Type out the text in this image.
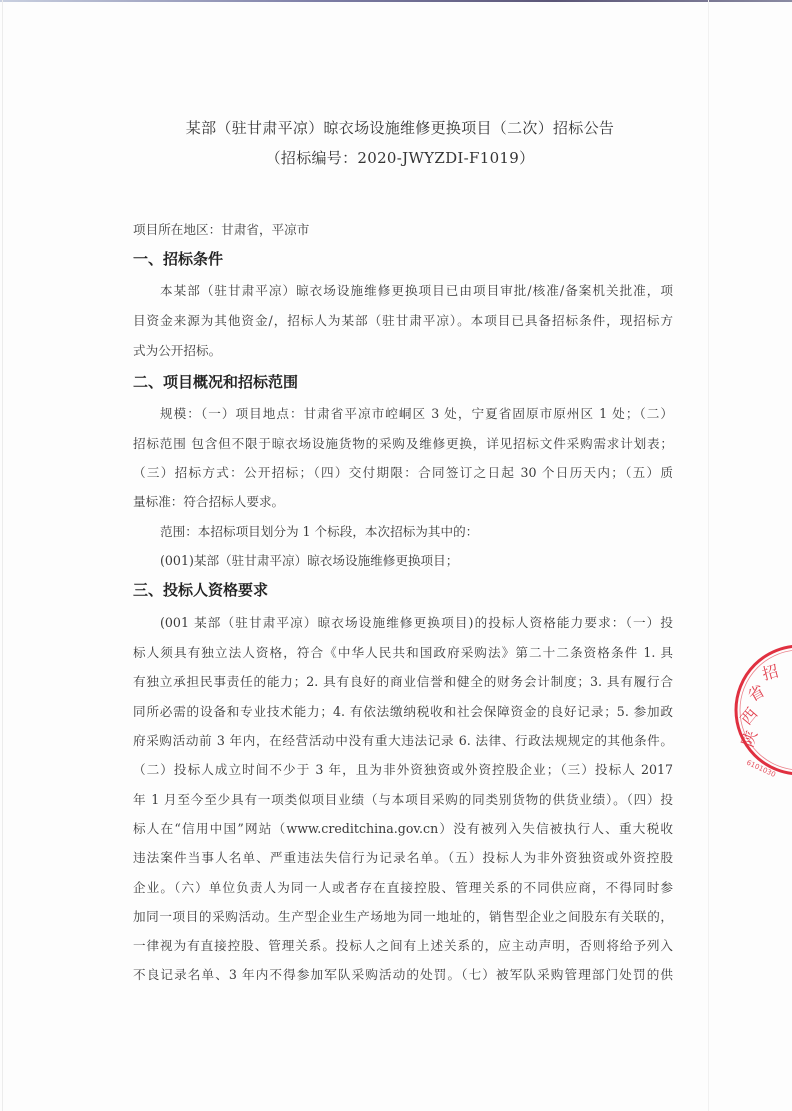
某部（驻甘肃平凉）晾衣场设施维修更换项目（二次）招标公告
（招标编号：2020-JWYZDI-F1019）
项目所在地区：甘肃省，平凉市
一、招标条件
本某部（驻甘肃平凉）晾衣场设施维修更换项目已由项目审批/核准/备案机关批准，项
目资金来源为其他资金/，招标人为某部（驻甘肃平凉）。本项目已具备招标条件，现招标方
式为公开招标。
二、项目概况和招标范围
规模：（一）项目地点：甘肃省平凉市崆峒区 3 处，宁夏省固原市原州区 1 处；（二）
招标范围 包含但不限于晾衣场设施货物的采购及维修更换，详见招标文件采购需求计划表；
（三）招标方式：公开招标；（四）交付期限：合同签订之日起 30 个日历天内；（五）质
量标准：符合招标人要求。
范围：本招标项目划分为 1 个标段，本次招标为其中的：
(001)某部（驻甘肃平凉）晾衣场设施维修更换项目；
三、投标人资格要求
(001 某部（驻甘肃平凉）晾衣场设施维修更换项目)的投标人资格能力要求：（一）投
标人须具有独立法人资格，符合《中华人民共和国政府采购法》第二十二条资格条件 1. 具
有独立承担民事责任的能力；2. 具有良好的商业信誉和健全的财务会计制度；3. 具有履行合
同所必需的设备和专业技术能力；4. 有依法缴纳税收和社会保障资金的良好记录；5. 参加政
府采购活动前 3 年内，在经营活动中没有重大违法记录 6. 法律、行政法规规定的其他条件。
（二）投标人成立时间不少于 3 年，且为非外资独资或外资控股企业；（三）投标人 2017
年 1 月至今至少具有一项类似项目业绩（与本项目采购的同类别货物的供货业绩）。（四）投
标人在“信用中国”网站（www.creditchina.gov.cn）没有被列入失信被执行人、重大税收
违法案件当事人名单、严重违法失信行为记录名单。（五）投标人为非外资独资或外资控股
企业。（六）单位负责人为同一人或者存在直接控股、管理关系的不同供应商，不得同时参
加同一项目的采购活动。生产型企业生产场地为同一地址的，销售型企业之间股东有关联的，
一律视为有直接控股、管理关系。投标人之间有上述关系的，应主动声明，否则将给予列入
不良记录名单、3 年内不得参加军队采购活动的处罚。（七）被军队采购管理部门处罚的供
陕
西
省
招
6101030
